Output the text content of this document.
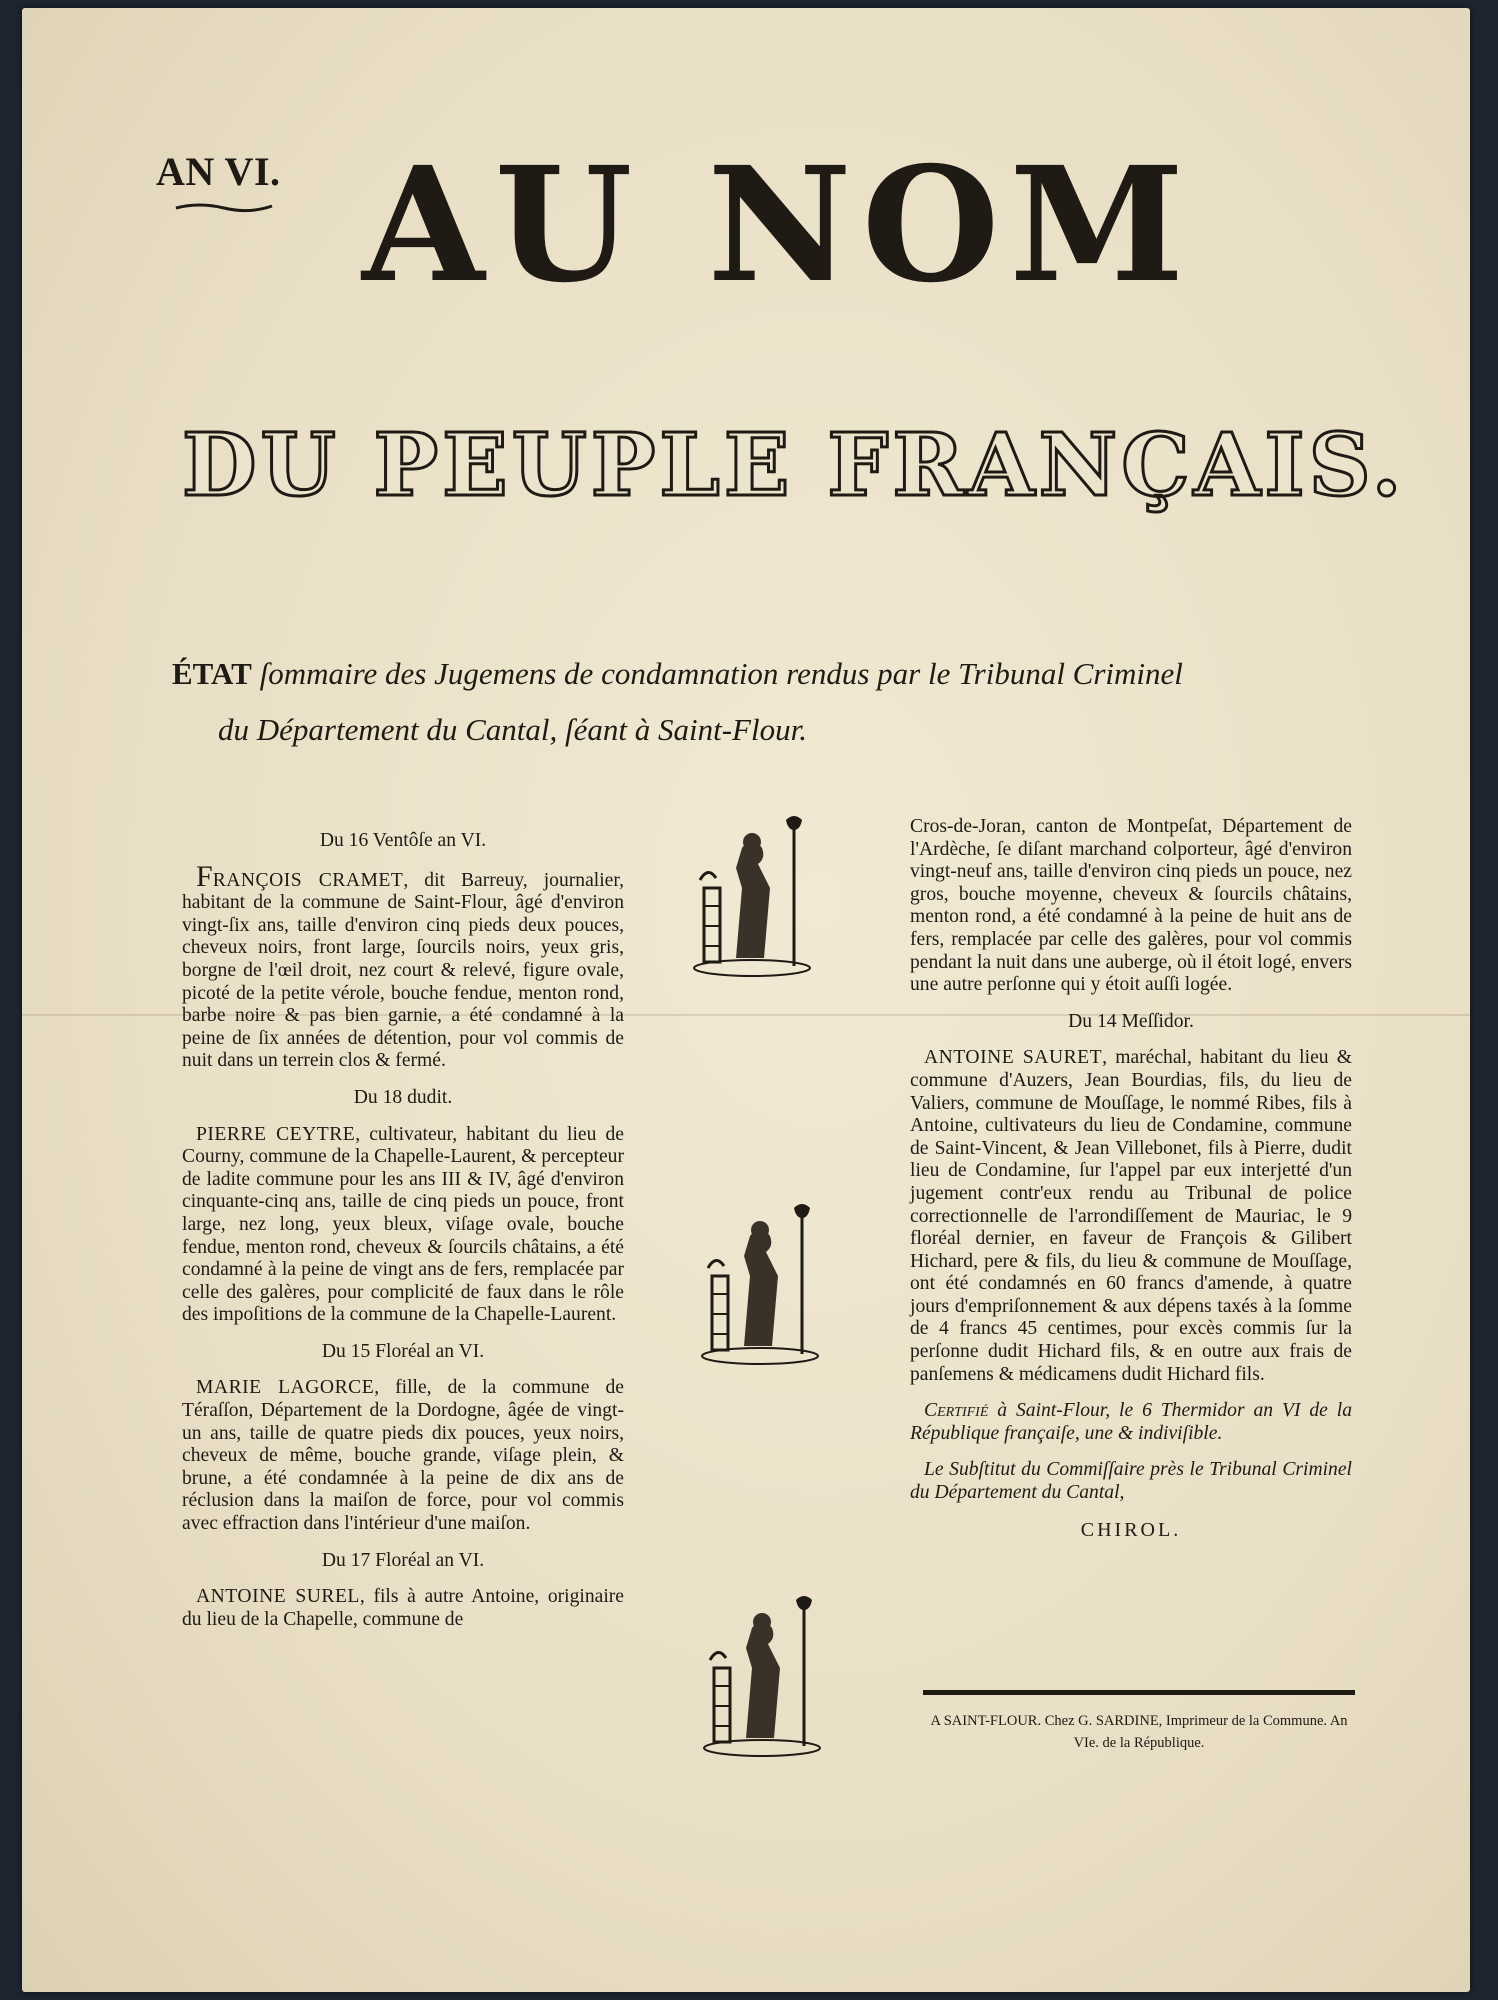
AN VI. AU NOM
DU PEUPLE FRANÇAIS.
ÉTAT ſommaire des Jugemens de condamnation rendus par le Tribunal Criminel
du Département du Cantal, ſéant à Saint-Flour.
Du 16 Ventôſe an VI.
FRANÇOIS CRAMET, dit Barreuy, journalier, habitant de la commune de Saint-Flour, âgé d'environ vingt-ſix ans, taille d'environ cinq pieds deux pouces, cheveux noirs, front large, ſourcils noirs, yeux gris, borgne de l'œil droit, nez court & relevé, figure ovale, picoté de la petite vérole, bouche fendue, menton rond, barbe noire & pas bien garnie, a été condamné à la peine de ſix années de détention, pour vol commis de nuit dans un terrein clos & fermé.
Du 18 dudit.
PIERRE CEYTRE, cultivateur, habitant du lieu de Courny, commune de la Chapelle-Laurent, & percepteur de ladite commune pour les ans III & IV, âgé d'environ cinquante-cinq ans, taille de cinq pieds un pouce, front large, nez long, yeux bleux, viſage ovale, bouche fendue, menton rond, cheveux & ſourcils châtains, a été condamné à la peine de vingt ans de fers, remplacée par celle des galères, pour complicité de faux dans le rôle des impoſitions de la commune de la Chapelle-Laurent.
Du 15 Floréal an VI.
MARIE LAGORCE, fille, de la commune de Téraſſon, Département de la Dordogne, âgée de vingt-un ans, taille de quatre pieds dix pouces, yeux noirs, cheveux de même, bouche grande, viſage plein, & brune, a été condamnée à la peine de dix ans de réclusion dans la maiſon de force, pour vol commis avec effraction dans l'intérieur d'une maiſon.
Du 17 Floréal an VI.
ANTOINE SUREL, fils à autre Antoine, originaire du lieu de la Chapelle, commune de
Cros-de-Joran, canton de Montpeſat, Département de l'Ardèche, ſe diſant marchand colporteur, âgé d'environ vingt-neuf ans, taille d'environ cinq pieds un pouce, nez gros, bouche moyenne, cheveux & ſourcils châtains, menton rond, a été condamné à la peine de huit ans de fers, remplacée par celle des galères, pour vol commis pendant la nuit dans une auberge, où il étoit logé, envers une autre perſonne qui y étoit auſſi logée.
Du 14 Meſſidor.
ANTOINE SAURET, maréchal, habitant du lieu & commune d'Auzers, Jean Bourdias, fils, du lieu de Valiers, commune de Mouſſage, le nommé Ribes, fils à Antoine, cultivateurs du lieu de Condamine, commune de Saint-Vincent, & Jean Villebonet, fils à Pierre, dudit lieu de Condamine, ſur l'appel par eux interjetté d'un jugement contr'eux rendu au Tribunal de police correctionnelle de l'arrondiſſement de Mauriac, le 9 floréal dernier, en faveur de François & Gilibert Hichard, pere & fils, du lieu & commune de Mouſſage, ont été condamnés en 60 francs d'amende, à quatre jours d'empriſonnement & aux dépens taxés à la ſomme de 4 francs 45 centimes, pour excès commis ſur la perſonne dudit Hichard fils, & en outre aux frais de panſemens & médicamens dudit Hichard fils.
Certifié à Saint-Flour, le 6 Thermidor an VI de la République françaiſe, une & indiviſible.
Le Subſtitut du Commiſſaire près le Tribunal Criminel du Département du Cantal,
CHIROL.
A SAINT-FLOUR. Chez G. SARDINE, Imprimeur de la Commune. An VIe. de la République.
